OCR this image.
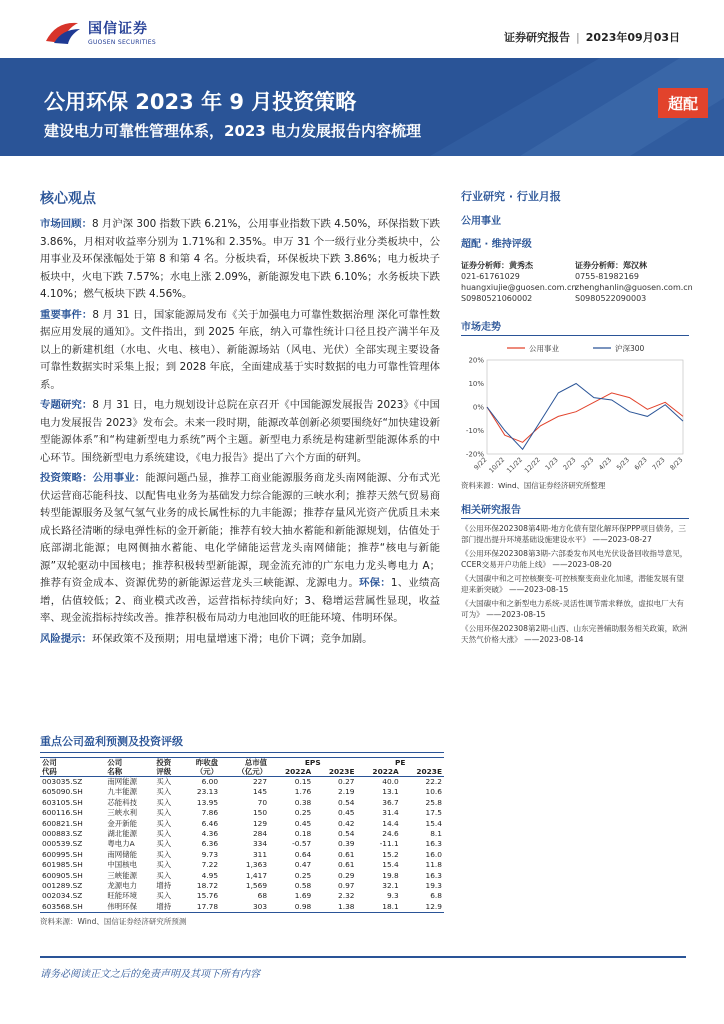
国信证券
GUOSEN SECURITIES	证券研究报告 | 2023年09月03日
公用环保 2023 年 9 月投资策略
建设电力可靠性管理体系，2023 电力发展报告内容梳理
超配
核心观点
市场回顾：8 月沪深 300 指数下跌 6.21%，公用事业指数下跌 4.50%，环保指数下跌 3.86%，月相对收益率分别为 1.71%和 2.35%。申万 31 个一级行业分类板块中，公用事业及环保涨幅处于第 8 和第 4 名。分板块看，环保板块下跌 3.86%；电力板块子板块中，火电下跌 7.57%；水电上涨 2.09%，新能源发电下跌 6.10%；水务板块下跌 4.10%；燃气板块下跌 4.56%。
重要事件：8 月 31 日，国家能源局发布《关于加强电力可靠性数据治理 深化可靠性数据应用发展的通知》。文件指出，到 2025 年底，纳入可靠性统计口径且投产满半年及以上的新建机组（水电、火电、核电）、新能源场站（风电、光伏）全部实现主要设备可靠性数据实时采集上报；到 2028 年底，全面建成基于实时数据的电力可靠性管理体系。
专题研究：8 月 31 日，电力规划设计总院在京召开《中国能源发展报告 2023》《中国电力发展报告 2023》发布会。未来一段时期，能源改革创新必须要围绕好“加快建设新型能源体系”和“构建新型电力系统”两个主题。新型电力系统是构建新型能源体系的中心环节。围绕新型电力系统建设，《电力报告》提出了六个方面的研判。
投资策略：公用事业：能源问题凸显，推荐工商业能源服务商龙头南网能源、分布式光伏运营商芯能科技、以配售电业务为基础发力综合能源的三峡水利；推荐天然气贸易商转型能源服务及氢气氢气业务的成长属性标的九丰能源；推荐存量风光资产优质且未来成长路径清晰的绿电弹性标的金开新能；推荐有较大抽水蓄能和新能源规划，估值处于底部湖北能源；电网侧抽水蓄能、电化学储能运营龙头南网储能；推荐“核电与新能源”双轮驱动中国核电；推荐积极转型新能源，现金流充沛的广东电力龙头粤电力 A；推荐有资金成本、资源优势的新能源运营龙头三峡能源、龙源电力。环保：1、业绩高增，估值较低；2、商业模式改善，运营指标持续向好；3、稳增运营属性显现，收益率、现金流指标持续改善。推荐积极布局动力电池回收的旺能环境、伟明环保。
风险提示：环保政策不及预期；用电量增速下滑；电价下调；竞争加剧。
行业研究 · 行业月报
公用事业
超配 · 维持评级
证券分析师：黄秀杰
021-61761029
huangxiujie@guosen.com.cn
S0980521060002
证券分析师：郑汉林
0755-81982169
zhenghanlin@guosen.com.cn
S0980522090003
市场走势
20%
10%
0%
-10%
-20%
9/22
10/22
11/22
12/22 1/23 2/23 3/23 4/23 5/23 6/23 7/23 8/23
公用事业	沪深300
资料来源：Wind、国信证券经济研究所整理
相关研究报告
《公用环保202308第4期-地方化债有望化解环保PPP项目债务，三部门提出提升环境基础设施建设水平》 ——2023-08-27
《公用环保202308第3期-六部委发布风电光伏设备回收指导意见，CCER交易开户功能上线》 ——2023-08-20
《大国碳中和之可控核聚变-可控核聚变商业化加速，潜能发展有望迎来新突破》 ——2023-08-15
《大国碳中和之新型电力系统-灵活性调节需求释放，虚拟电厂大有可为》 ——2023-08-15
《公用环保202308第2期-山西、山东完善辅助服务相关政策，欧洲天然气价格大涨》 ——2023-08-14
重点公司盈利预测及投资评级
公司	公司	投资	昨收盘	总市值	EPS		PE	
代码	名称	评级	（元）	（亿元）	2022A	2023E	2022A	2023E
003035.SZ	南网能源	买入	6.00	227	0.15	0.27	40.0	22.2
605090.SH	九丰能源	买入	23.13	145	1.76	2.19	13.1	10.6
603105.SH	芯能科技	买入	13.95	70	0.38	0.54	36.7	25.8
600116.SH	三峡水利	买入	7.86	150	0.25	0.45	31.4	17.5
600821.SH	金开新能	买入	6.46	129	0.45	0.42	14.4	15.4
000883.SZ	湖北能源	买入	4.36	284	0.18	0.54	24.6	8.1
000539.SZ	粤电力A	买入	6.36	334	-0.57	0.39	-11.1	16.3
600995.SH	南网储能	买入	9.73	311	0.64	0.61	15.2	16.0
601985.SH	中国核电	买入	7.22	1,363	0.47	0.61	15.4	11.8
600905.SH	三峡能源	买入	4.95	1,417	0.25	0.29	19.8	16.3
001289.SZ	龙源电力	增持	18.72	1,569	0.58	0.97	32.1	19.3
002034.SZ	旺能环境	买入	15.76	68	1.69	2.32	9.3	6.8
603568.SH	伟明环保	增持	17.78	303	0.98	1.38	18.1	12.9
资料来源：Wind、国信证券经济研究所预测
请务必阅读正文之后的免责声明及其项下所有内容
